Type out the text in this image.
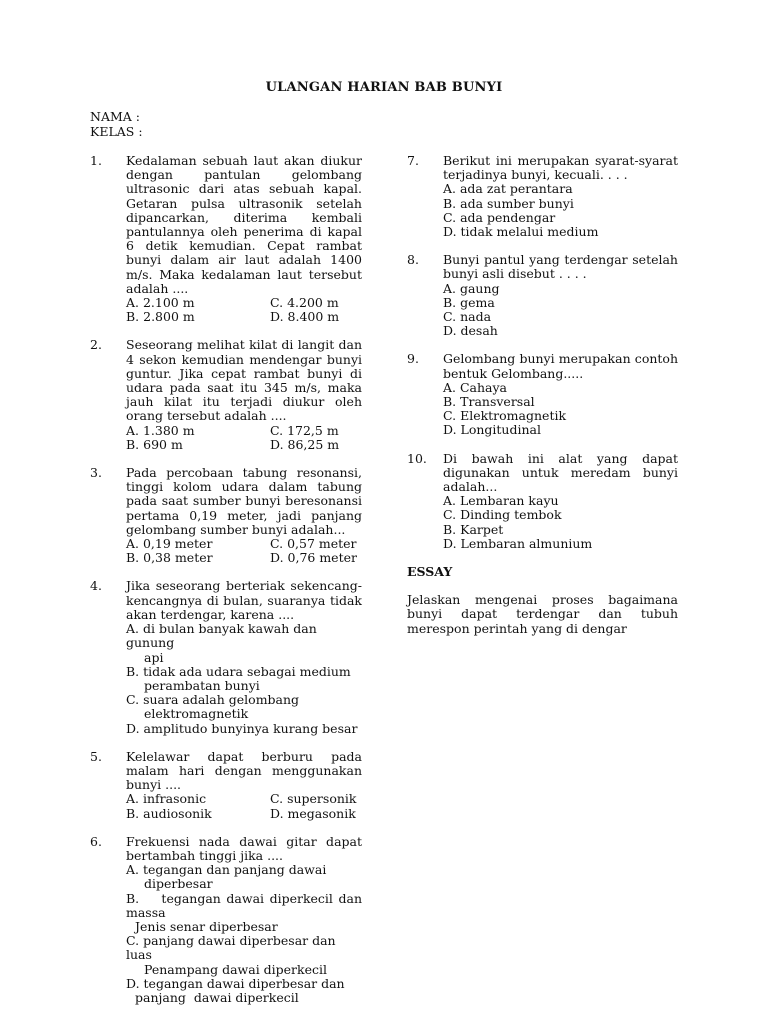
ULANGAN HARIAN BAB BUNYI
NAMA :
KELAS :
1. Kedalaman sebuah laut akan diukur dengan pantulan gelombang ultrasonic dari atas sebuah kapal. Getaran pulsa ultrasonik setelah dipancarkan, diterima kembali pantulannya oleh penerima di kapal 6 detik kemudian. Cepat rambat bunyi dalam air laut adalah 1400 m/s. Maka kedalaman laut tersebut adalah ....
A. 2.100 m	C. 4.200 m
B. 2.800 m	D. 8.400 m
2. Seseorang melihat kilat di langit dan 4 sekon kemudian mendengar bunyi guntur. Jika cepat rambat bunyi di udara pada saat itu 345 m/s, maka jauh kilat itu terjadi diukur oleh orang tersebut adalah ....
A. 1.380 m	C. 172,5 m
B. 690 m	D. 86,25 m
3. Pada percobaan tabung resonansi, tinggi kolom udara dalam tabung pada saat sumber bunyi beresonansi pertama 0,19 meter, jadi panjang gelombang sumber bunyi adalah...
A. 0,19 meter	C. 0,57 meter
B. 0,38 meter	D. 0,76 meter
4. Jika seseorang berteriak sekencang-kencangnya di bulan, suaranya tidak akan terdengar, karena ....
A. di bulan banyak kawah dan gunung
api
B. tidak ada udara sebagai medium
perambatan bunyi
C. suara adalah gelombang
elektromagnetik
D. amplitudo bunyinya kurang besar
5. Kelelawar dapat berburu pada malam hari dengan menggunakan bunyi ....
A. infrasonic	C. supersonik
B. audiosonik	D. megasonik
6. Frekuensi nada dawai gitar dapat bertambah tinggi jika ....
A. tegangan dan panjang dawai
diperbesar
B.    tegangan dawai diperkecil dan massa
Jenis senar diperbesar
C. panjang dawai diperbesar dan luas
Penampang dawai diperkecil
D. tegangan dawai diperbesar dan
panjang  dawai diperkecil
7. Berikut ini merupakan syarat-syarat terjadinya bunyi, kecuali. . . .
A. ada zat perantara
B. ada sumber bunyi
C. ada pendengar
D. tidak melalui medium
8. Bunyi pantul yang terdengar setelah bunyi asli disebut . . . .
A. gaung
B. gema
C. nada
D. desah
9. Gelombang bunyi merupakan contoh bentuk Gelombang.....
A. Cahaya
B. Transversal
C. Elektromagnetik
D. Longitudinal
10. Di bawah ini alat yang dapat digunakan untuk meredam bunyi adalah...
A. Lembaran kayu
C. Dinding tembok
B. Karpet
D. Lembaran almunium
ESSAY
Jelaskan mengenai proses bagaimana bunyi dapat terdengar dan tubuh merespon perintah yang di dengar
